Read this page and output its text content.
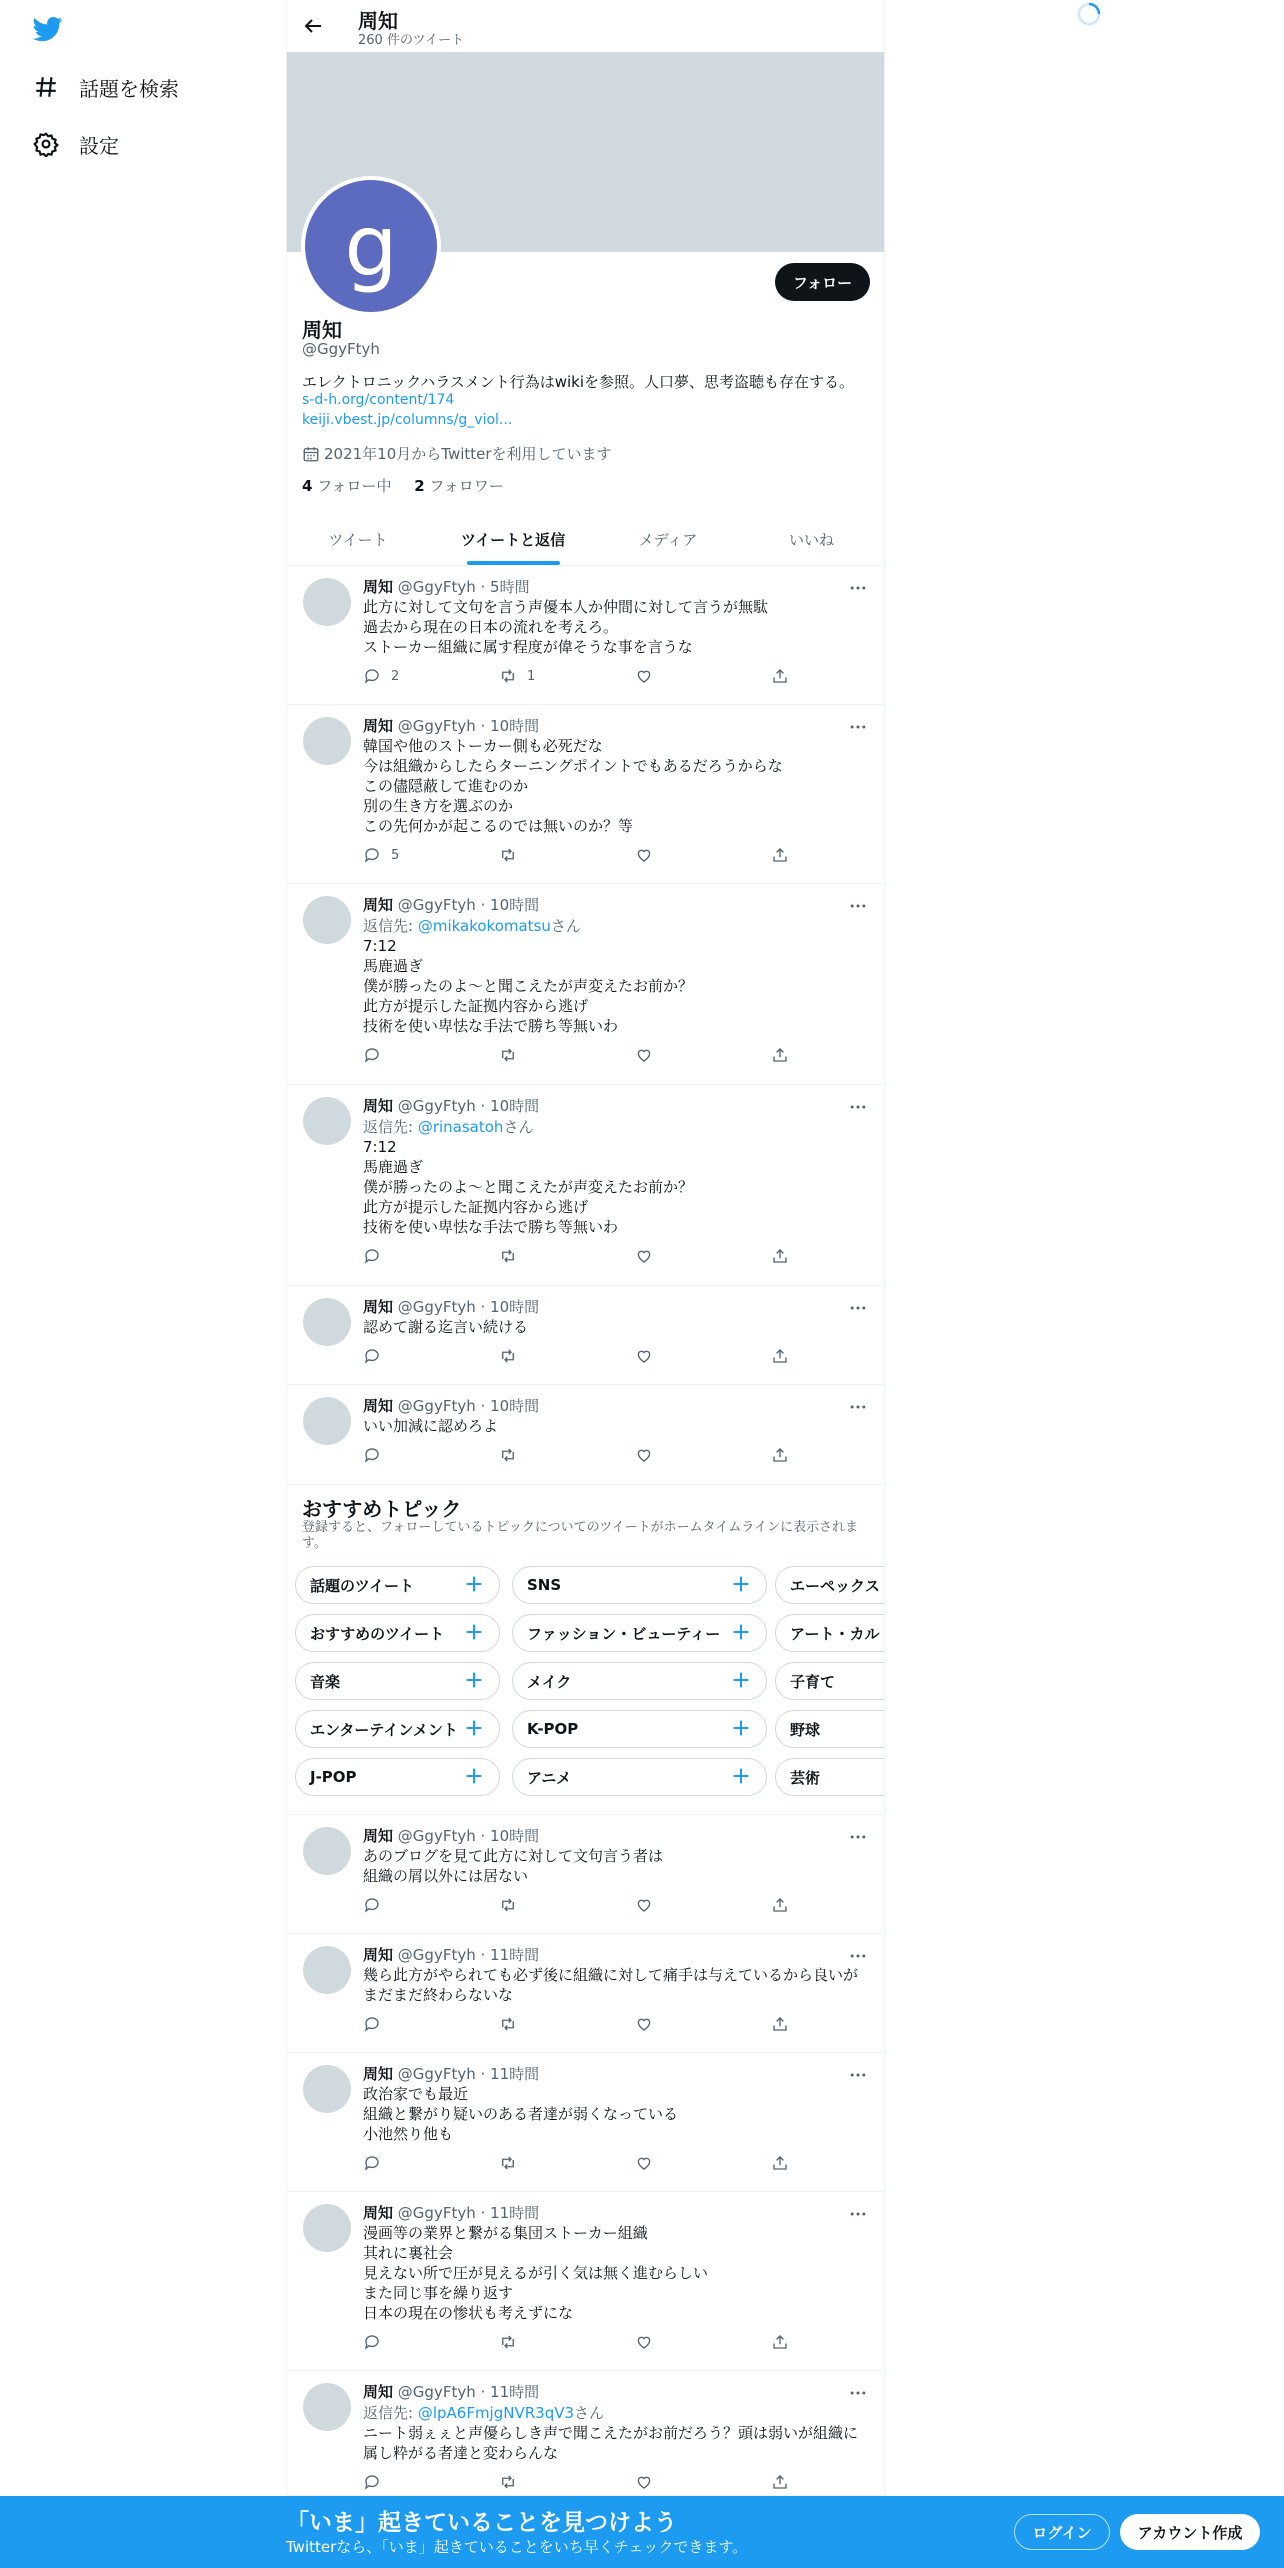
話題を検索
設定
周知
260 件のツイート
g	フォロー
周知
@GgyFtyh
エレクトロニックハラスメント行為はwikiを参照。人口夢、思考盗聴も存在する。
s-d-h.org/content/174
keiji.vbest.jp/columns/g_viol...
2021年10月からTwitterを利用しています
4 フォロー中 2 フォロワー
ツイート	ツイートと返信	メディア	いいね
周知 @GgyFtyh · 5時間
此方に対して文句を言う声優本人か仲間に対して言うが無駄
過去から現在の日本の流れを考えろ。
ストーカー組織に属す程度が偉そうな事を言うな
2	1
周知 @GgyFtyh · 10時間
韓国や他のストーカー側も必死だな
今は組織からしたらターニングポイントでもあるだろうからな
この儘隠蔽して進むのか
別の生き方を選ぶのか
この先何かが起こるのでは無いのか？等
5
周知 @GgyFtyh · 10時間
返信先: @mikakokomatsuさん
7:12
馬鹿過ぎ
僕が勝ったのよ〜と聞こえたが声変えたお前か？
此方が提示した証拠内容から逃げ
技術を使い卑怯な手法で勝ち等無いわ
周知 @GgyFtyh · 10時間
返信先: @rinasatohさん
7:12
馬鹿過ぎ
僕が勝ったのよ〜と聞こえたが声変えたお前か？
此方が提示した証拠内容から逃げ
技術を使い卑怯な手法で勝ち等無いわ
周知 @GgyFtyh · 10時間
認めて謝る迄言い続ける
周知 @GgyFtyh · 10時間
いい加減に認めろよ
周知 @GgyFtyh · 10時間
あのブログを見て此方に対して文句言う者は
組織の屑以外には居ない
周知 @GgyFtyh · 11時間
幾ら此方がやられても必ず後に組織に対して痛手は与えているから良いが
まだまだ終わらないな
周知 @GgyFtyh · 11時間
政治家でも最近
組織と繋がり疑いのある者達が弱くなっている
小池然り他も
周知 @GgyFtyh · 11時間
漫画等の業界と繋がる集団ストーカー組織
其れに裏社会
見えない所で圧が見えるが引く気は無く進むらしい
また同じ事を繰り返す
日本の現在の惨状も考えずにな
周知 @GgyFtyh · 11時間
返信先: @lpA6FmjgNVR3qV3さん
ニート弱ぇぇと声優らしき声で聞こえたがお前だろう？頭は弱いが組織に
属し粋がる者達と変わらんな
おすすめトピック
登録すると、フォローしているトピックについてのツイートがホームタイムラインに表示されます。
話題のツイート	SNS	エーペックス
おすすめのツイート	ファッション・ビューティー	アート・カル
音楽	メイク	子育て
エンターテインメント	K-POP	野球
J-POP	アニメ	芸術
「いま」起きていることを見つけよう
Twitterなら、「いま」起きていることをいち早くチェックできます。
ログイン	アカウント作成
